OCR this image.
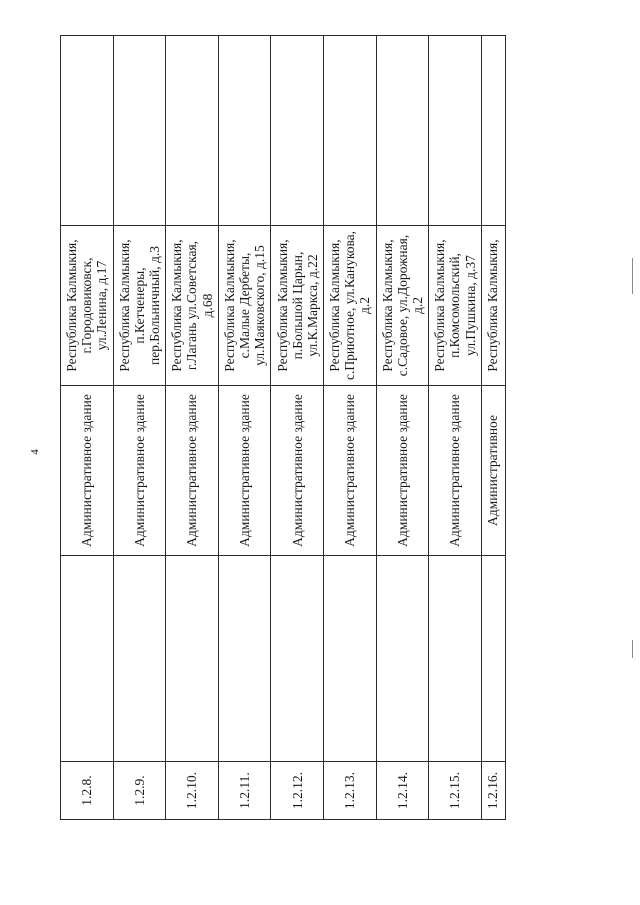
4
1.2.8.		Административное здание	Республика Калмыкия, г.Городовиковск, ул.Ленина, д.17	
1.2.9.		Административное здание	Республика Калмыкия, п.Кетченеры, пер.Больничный, д.3	
1.2.10.		Административное здание	Республика Калмыкия, г.Лагань ул.Советская, д.68	
1.2.11.		Административное здание	Республика Калмыкия, с.Малые Дербеты, ул.Маяковского, д.15	
1.2.12.		Административное здание	Республика Калмыкия, п.Большой Царын, ул.К.Маркса, д.22	
1.2.13.		Административное здание	Республика Калмыкия, с.Приютное, ул.Канукова, д.2	
1.2.14.		Административное здание	Республика Калмыкия, с.Садовое, ул.Дорожная, д.2	
1.2.15.		Административное здание	Республика Калмыкия, п.Комсомольский, ул.Пушкина, д.37	
1.2.16.		Административное	Республика Калмыкия,	
